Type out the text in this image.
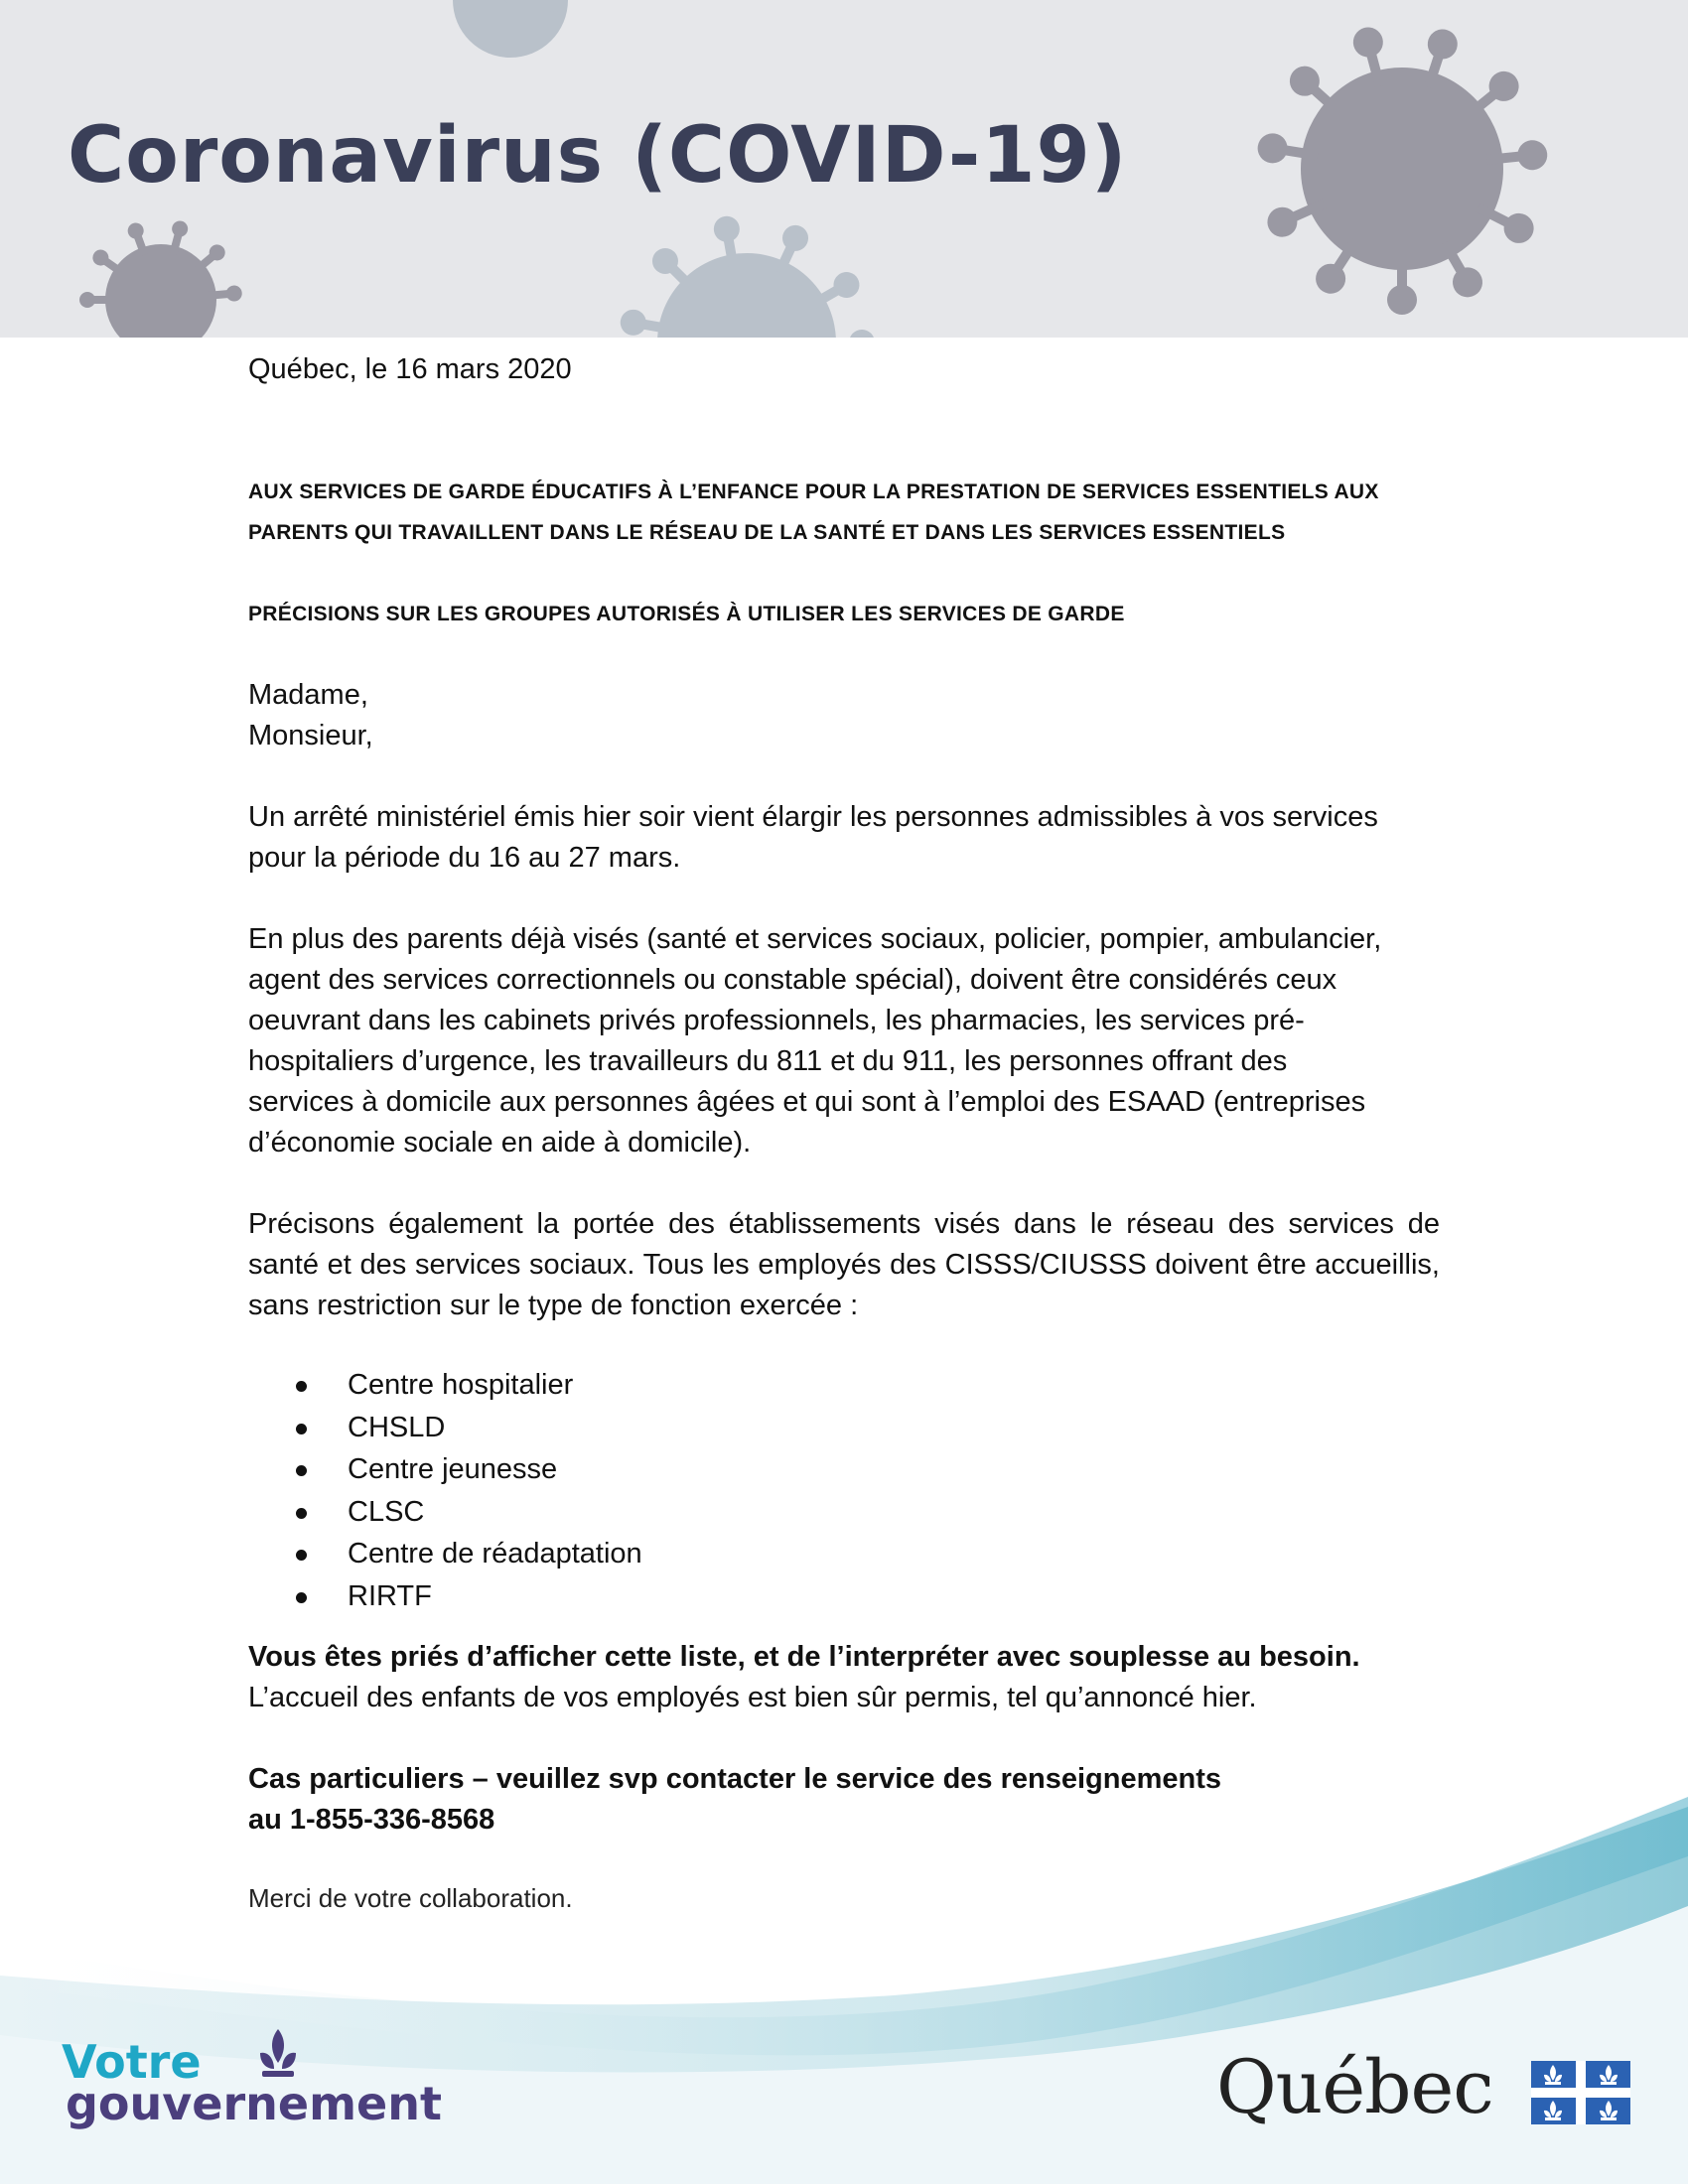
Coronavirus (COVID-19)
Québec, le 16 mars 2020
AUX SERVICES DE GARDE ÉDUCATIFS À L’ENFANCE POUR LA PRESTATION DE SERVICES ESSENTIELS AUX
PARENTS QUI TRAVAILLENT DANS LE RÉSEAU DE LA SANTÉ ET DANS LES SERVICES ESSENTIELS
PRÉCISIONS SUR LES GROUPES AUTORISÉS À UTILISER LES SERVICES DE GARDE
Madame,
Monsieur,
Un arrêté ministériel émis hier soir vient élargir les personnes admissibles à vos services pour la période du 16 au 27 mars.
En plus des parents déjà visés (santé et services sociaux, policier, pompier, ambulancier,
agent des services correctionnels ou constable spécial), doivent être considérés ceux
oeuvrant dans les cabinets privés professionnels, les pharmacies, les services pré-
hospitaliers d’urgence, les travailleurs du 811 et du 911, les personnes offrant des
services à domicile aux personnes âgées et qui sont à l’emploi des ESAAD (entreprises
d’économie sociale en aide à domicile).
Précisons également la portée des établissements visés dans le réseau des services de santé et des services sociaux. Tous les employés des CISSS/CIUSSS doivent être accueillis, sans restriction sur le type de fonction exercée :
Centre hospitalier
CHSLD
Centre jeunesse
CLSC
Centre de réadaptation
RIRTF
Vous êtes priés d’afficher cette liste, et de l’interpréter avec souplesse au besoin.
L’accueil des enfants de vos employés est bien sûr permis, tel qu’annoncé hier.
Cas particuliers – veuillez svp contacter le service des renseignements
au 1-855-336-8568
Merci de votre collaboration.
Votre
gouvernement	Québec
